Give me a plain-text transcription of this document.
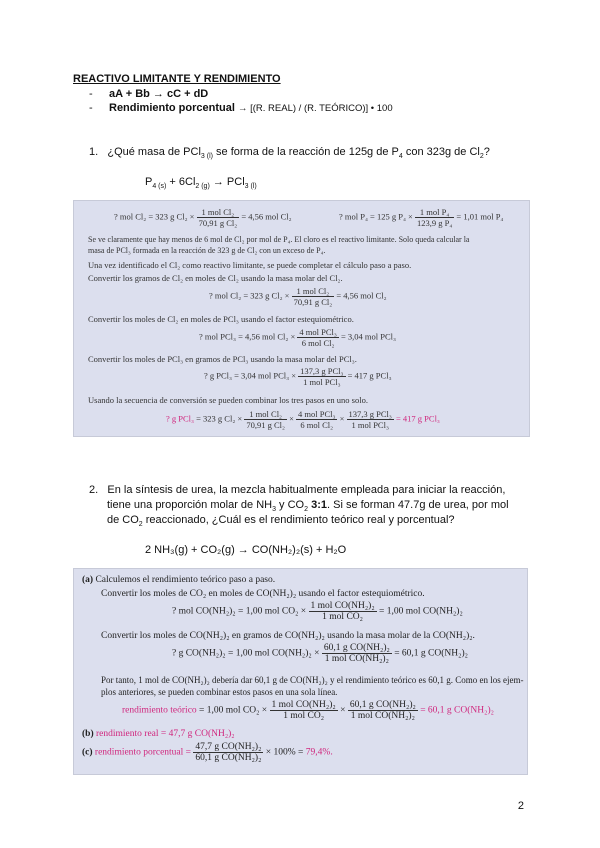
REACTIVO LIMITANTE Y RENDIMIENTO
- aA + Bb → cC + dD
- Rendimiento porcentual → [(R. REAL) / (R. TEÓRICO)] • 100
1. ¿Qué masa de PCl$_{3 (l)}$ se forma de la reacción de 125g de $P_4$ con 323g de $Cl_2$?
$P_{4 (s)} + 6Cl_{2 (g)} \to PCl_{3 (l)}$
? mol Cl₂ = 323 g $Cl_2 \times \frac{\text{1 mol Cl₂}}{\text{70,91 g Cl₂}} = 4,56$ mol Cl₂	? mol P₄ = 125 g $P_4 \times \frac{\text{1 mol P₄}}{\text{123,9 g P₄}} = 1,01$ mol P₄
Se ve claramente que hay menos de 6 mol de Cl₂ por mol de P₄. El cloro es el reactivo limitante. Solo queda calcular la
masa de PCl₃ formada en la reacción de 323 g de Cl₂ con un exceso de P₄.
Una vez identificado el Cl₂ como reactivo limitante, se puede completar el cálculo paso a paso.
Convertir los gramos de Cl₂ en moles de Cl₂ usando la masa molar del Cl₂.
? mol Cl₂ = 323 g $Cl_2 \times \frac{\text{1 mol Cl₂}}{\text{70,91 g Cl₂}} = 4,56$ mol Cl₂
Convertir los moles de Cl₂ en moles de PCl₃ usando el factor estequiométrico.
? mol PCl₃ = 4,56 mol $Cl_2 \times \frac{\text{4 mol PCl₃}}{\text{6 mol Cl₂}} = 3,04$ mol PCl₃
Convertir los moles de PCl₃ en gramos de PCl₃ usando la masa molar del PCl₃.
? g PCl₃ = 3,04 mol $PCl_3 \times \frac{\text{137,3 g PCl₃}}{\text{1 mol PCl₃}} = 417$ g PCl₃
Usando la secuencia de conversión se pueden combinar los tres pasos en uno solo.
? g PCl₃ = 323 g $Cl_2 \times \frac{\text{1 mol Cl₂}}{\text{70,91 g Cl₂}} \times \frac{\text{4 mol PCl₃}}{\text{6 mol Cl₂}} \times \frac{\text{137,3 g PCl₃}}{\text{1 mol PCl₃}} = 417$ g PCl₃
2. En la síntesis de urea, la mezcla habitualmente empleada para iniciar la reacción,
tiene una proporción molar de $NH_3$ y $CO_2$ 3:1. Si se forman 47.7g de urea, por mol
de $CO_2$ reaccionado, ¿Cuál es el rendimiento teórico real y porcentual?
2 NH₃(g) + CO₂(g) → CO(NH₂)₂(s) + H₂O
(a) Calculemos el rendimiento teórico paso a paso.
Convertir los moles de CO₂ en moles de CO(NH₂)₂ usando el factor estequiométrico.
? mol CO(NH₂)₂ = 1,00 mol $CO_2 \times \frac{\text{1 mol CO(NH₂)₂}}{\text{1 mol CO₂}} = 1,00$ mol CO(NH₂)₂
Convertir los moles de CO(NH₂)₂ en gramos de CO(NH₂)₂ usando la masa molar de la CO(NH₂)₂.
? g CO(NH₂)₂ = 1,00 mol $CO(NH_2)_2 \times \frac{\text{60,1 g CO(NH₂)₂}}{\text{1 mol CO(NH₂)₂}} = 60,1$ g CO(NH₂)₂
Por tanto, 1 mol de CO(NH₂)₂ debería dar 60,1 g de CO(NH₂)₂ y el rendimiento teórico es 60,1 g. Como en los ejem-
plos anteriores, se pueden combinar estos pasos en una sola línea.
rendimiento teórico = 1,00 mol $CO_2 \times \frac{\text{1 mol CO(NH₂)₂}}{\text{1 mol CO₂}} \times \frac{\text{60,1 g CO(NH₂)₂}}{\text{1 mol CO(NH₂)₂}} = 60,1$ g CO(NH₂)₂
(b) rendimiento real = 47,7 g CO(NH₂)₂
(c) rendimiento porcentual = $\frac{\text{47,7 g CO(NH₂)₂}}{\text{60,1 g CO(NH₂)₂}} \times 100\% = 79,4\%$.
2
